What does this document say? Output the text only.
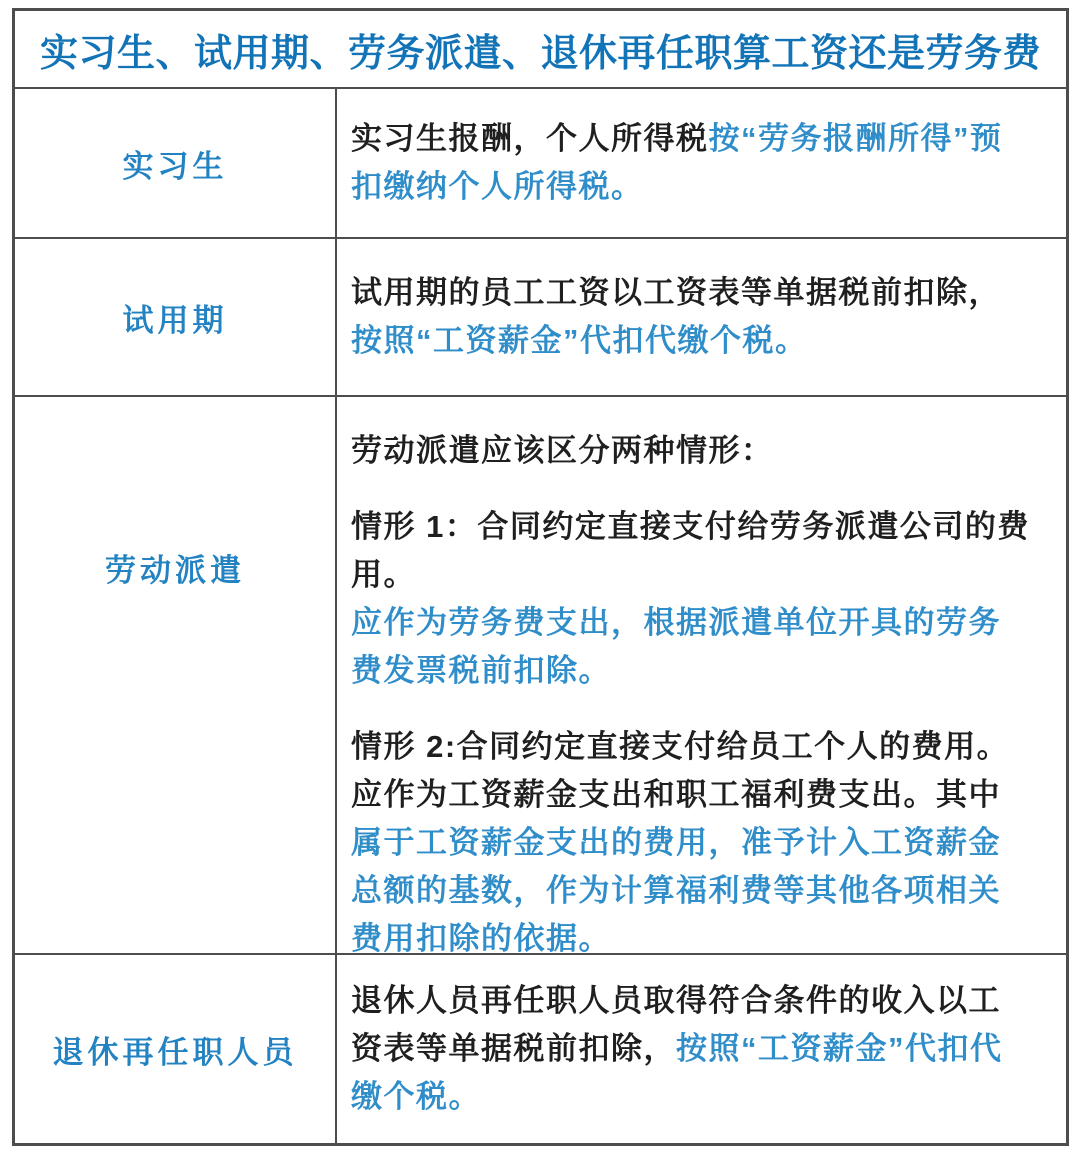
实习生、试用期、劳务派遣、退休再任职算工资还是劳务费
实习生

实习生报酬，个人所得税按“劳务报酬所得”预扣缴纳个人所得税。

试用期

试用期的员工工资以工资表等单据税前扣除，按照“工资薪金”代扣代缴个税。

劳动派遣

劳动派遣应该区分两种情形：

情形 1：合同约定直接支付给劳务派遣公司的费用。
应作为劳务费支出，根据派遣单位开具的劳务费发票税前扣除。

情形 2:合同约定直接支付给员工个人的费用。应作为工资薪金支出和职工福利费支出。其中属于工资薪金支出的费用，准予计入工资薪金总额的基数，作为计算福利费等其他各项相关费用扣除的依据。

退休再任职人员

退休人员再任职人员取得符合条件的收入以工资表等单据税前扣除，按照“工资薪金”代扣代缴个税。
